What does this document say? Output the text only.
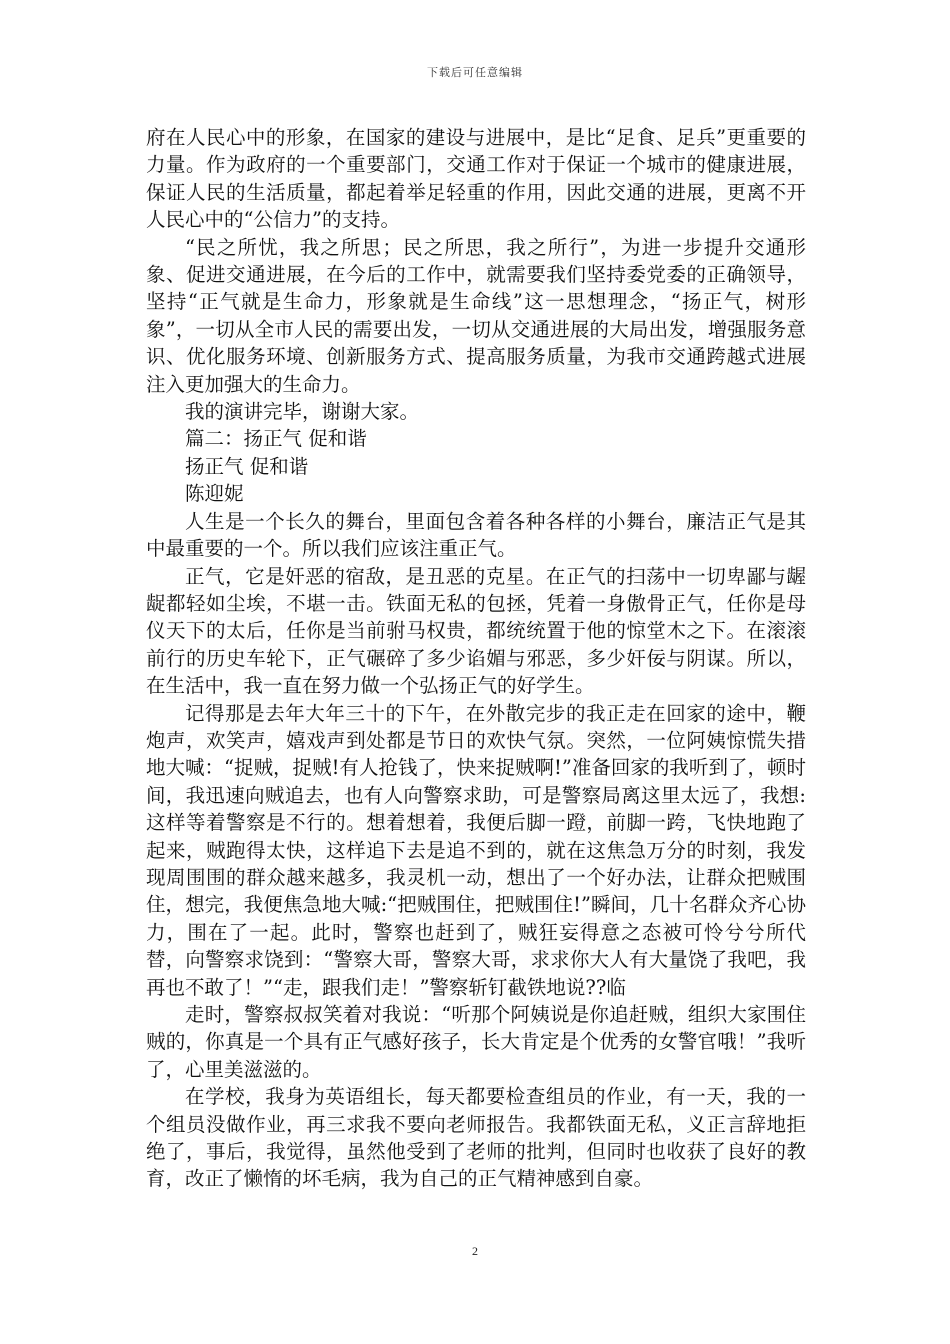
下载后可任意编辑

府在人民心中的形象，在国家的建设与进展中，是比“足食、足兵”更重要的力量。作为政府的一个重要部门，交通工作对于保证一个城市的健康进展，保证人民的生活质量，都起着举足轻重的作用，因此交通的进展，更离不开人民心中的“公信力”的支持。

“民之所忧，我之所思；民之所思，我之所行”，为进一步提升交通形象、促进交通进展，在今后的工作中，就需要我们坚持委党委的正确领导，坚持“正气就是生命力，形象就是生命线”这一思想理念，“扬正气，树形象”，一切从全市人民的需要出发，一切从交通进展的大局出发，增强服务意识、优化服务环境、创新服务方式、提高服务质量，为我市交通跨越式进展注入更加强大的生命力。

我的演讲完毕，谢谢大家。

篇二：扬正气 促和谐

扬正气 促和谐

陈迎妮

人生是一个长久的舞台，里面包含着各种各样的小舞台，廉洁正气是其中最重要的一个。所以我们应该注重正气。

正气，它是奸恶的宿敌，是丑恶的克星。在正气的扫荡中一切卑鄙与龌龊都轻如尘埃，不堪一击。铁面无私的包拯，凭着一身傲骨正气，任你是母仪天下的太后，任你是当前驸马权贵，都统统置于他的惊堂木之下。在滚滚前行的历史车轮下，正气碾碎了多少谄媚与邪恶，多少奸佞与阴谋。所以，在生活中，我一直在努力做一个弘扬正气的好学生。

记得那是去年大年三十的下午，在外散完步的我正走在回家的途中，鞭炮声，欢笑声，嬉戏声到处都是节日的欢快气氛。突然，一位阿姨惊慌失措地大喊：“捉贼，捉贼!有人抢钱了，快来捉贼啊!”准备回家的我听到了，顿时间，我迅速向贼追去，也有人向警察求助，可是警察局离这里太远了，我想:这样等着警察是不行的。想着想着，我便后脚一蹬，前脚一跨，飞快地跑了起来，贼跑得太快，这样追下去是追不到的，就在这焦急万分的时刻，我发现周围围的群众越来越多，我灵机一动，想出了一个好办法，让群众把贼围住，想完，我便焦急地大喊:“把贼围住，把贼围住!”瞬间，几十名群众齐心协力，围在了一起。此时，警察也赶到了，贼狂妄得意之态被可怜兮兮所代替，向警察求饶到：“警察大哥，警察大哥，求求你大人有大量饶了我吧，我再也不敢了！”“走，跟我们走！”警察斩钉截铁地说??临

走时，警察叔叔笑着对我说：“听那个阿姨说是你追赶贼，组织大家围住贼的，你真是一个具有正气感好孩子，长大肯定是个优秀的女警官哦！”我听了，心里美滋滋的。

在学校，我身为英语组长，每天都要检查组员的作业，有一天，我的一个组员没做作业，再三求我不要向老师报告。我都铁面无私，义正言辞地拒绝了，事后，我觉得，虽然他受到了老师的批判，但同时也收获了良好的教育，改正了懒惰的坏毛病，我为自己的正气精神感到自豪。

2
